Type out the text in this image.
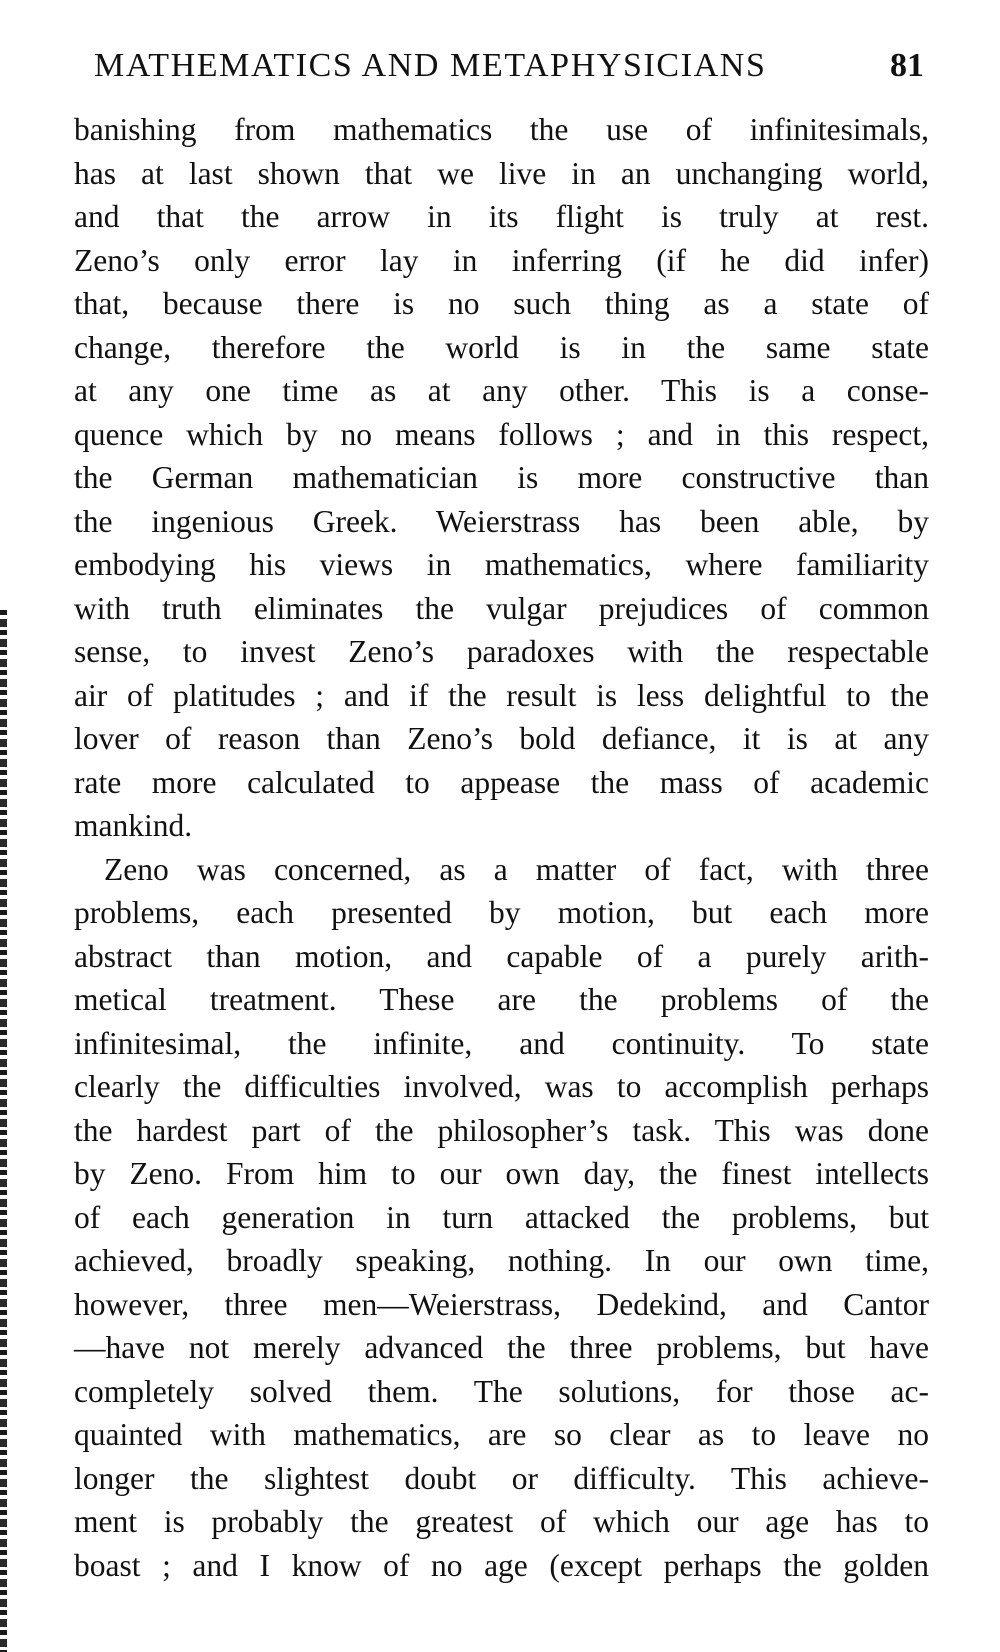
MATHEMATICS AND METAPHYSICIANS	81
banishing from mathematics the use of infinitesimals,
has at last shown that we live in an unchanging world,
and that the arrow in its flight is truly at rest.
Zeno’s only error lay in inferring (if he did infer)
that, because there is no such thing as a state of
change, therefore the world is in the same state
at any one time as at any other. This is a conse-
quence which by no means follows ; and in this respect,
the German mathematician is more constructive than
the ingenious Greek. Weierstrass has been able, by
embodying his views in mathematics, where familiarity
with truth eliminates the vulgar prejudices of common
sense, to invest Zeno’s paradoxes with the respectable
air of platitudes ; and if the result is less delightful to the
lover of reason than Zeno’s bold defiance, it is at any
rate more calculated to appease the mass of academic
mankind.
Zeno was concerned, as a matter of fact, with three
problems, each presented by motion, but each more
abstract than motion, and capable of a purely arith-
metical treatment. These are the problems of the
infinitesimal, the infinite, and continuity. To state
clearly the difficulties involved, was to accomplish perhaps
the hardest part of the philosopher’s task. This was done
by Zeno. From him to our own day, the finest intellects
of each generation in turn attacked the problems, but
achieved, broadly speaking, nothing. In our own time,
however, three men—Weierstrass, Dedekind, and Cantor
—have not merely advanced the three problems, but have
completely solved them. The solutions, for those ac-
quainted with mathematics, are so clear as to leave no
longer the slightest doubt or difficulty. This achieve-
ment is probably the greatest of which our age has to
boast ; and I know of no age (except perhaps the golden
